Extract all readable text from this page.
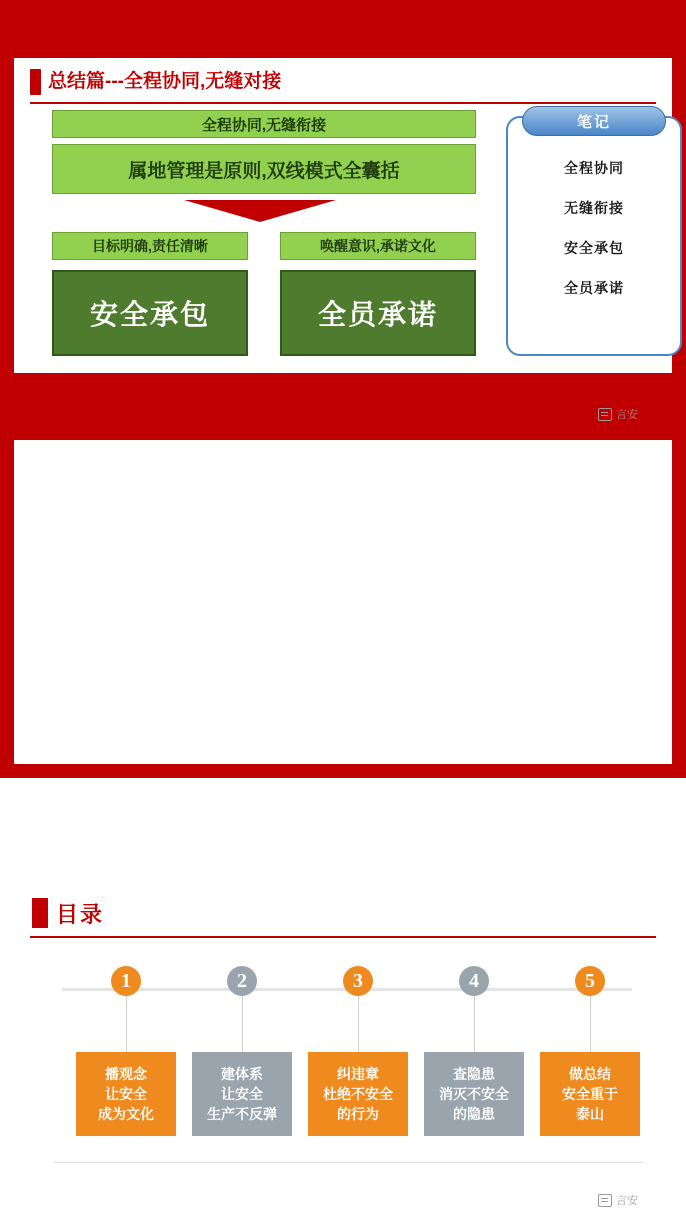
总结篇---全程协同,无缝对接
全程协同,无缝衔接
属地管理是原则,双线模式全囊括
目标明确,责任清晰	唤醒意识,承诺文化
安全承包	全员承诺
笔记
全程协同
无缝衔接
安全承包
全员承诺
言安
目录
1
播观念
让安全
成为文化
2
建体系
让安全
生产不反弹
3
纠违章
杜绝不安全
的行为
4
查隐患
消灭不安全
的隐患
5
做总结
安全重于
泰山
言安
